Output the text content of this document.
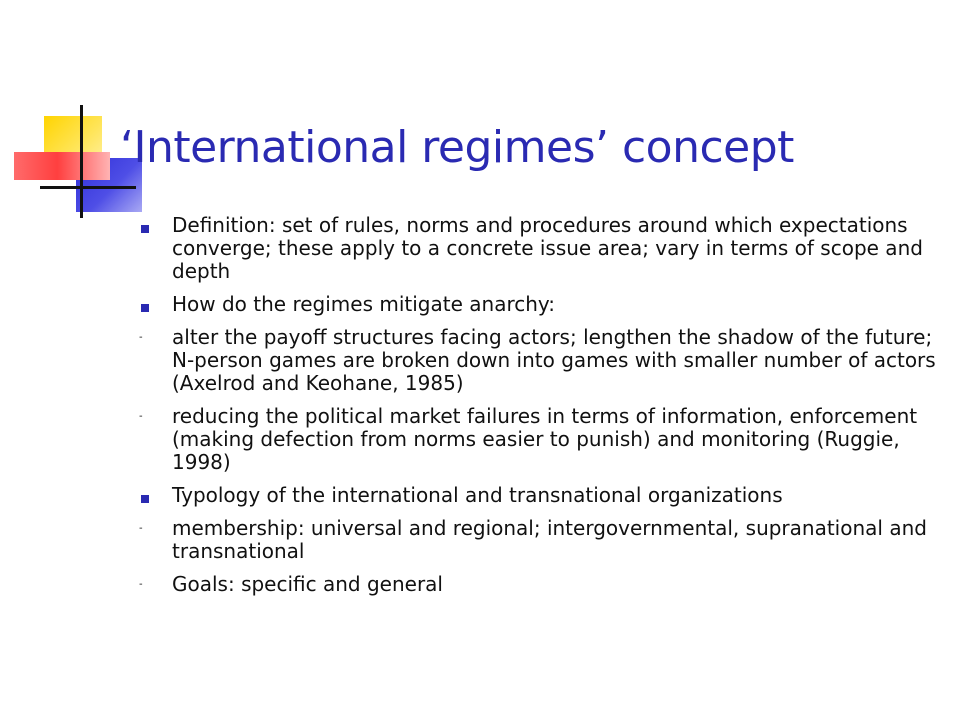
‘International regimes’ concept
Definition: set of rules, norms and procedures around which expectations converge; these apply to a concrete issue area; vary in terms of scope and depth
How do the regimes mitigate anarchy:
- alter the payoff structures facing actors; lengthen the shadow of the future; N-person games are broken down into games with smaller number of actors (Axelrod and Keohane, 1985)
- reducing the political market failures in terms of information, enforcement (making defection from norms easier to punish) and monitoring (Ruggie, 1998)
Typology of the international and transnational organizations
- membership: universal and regional; intergovernmental, supranational and transnational
- Goals: specific and general
